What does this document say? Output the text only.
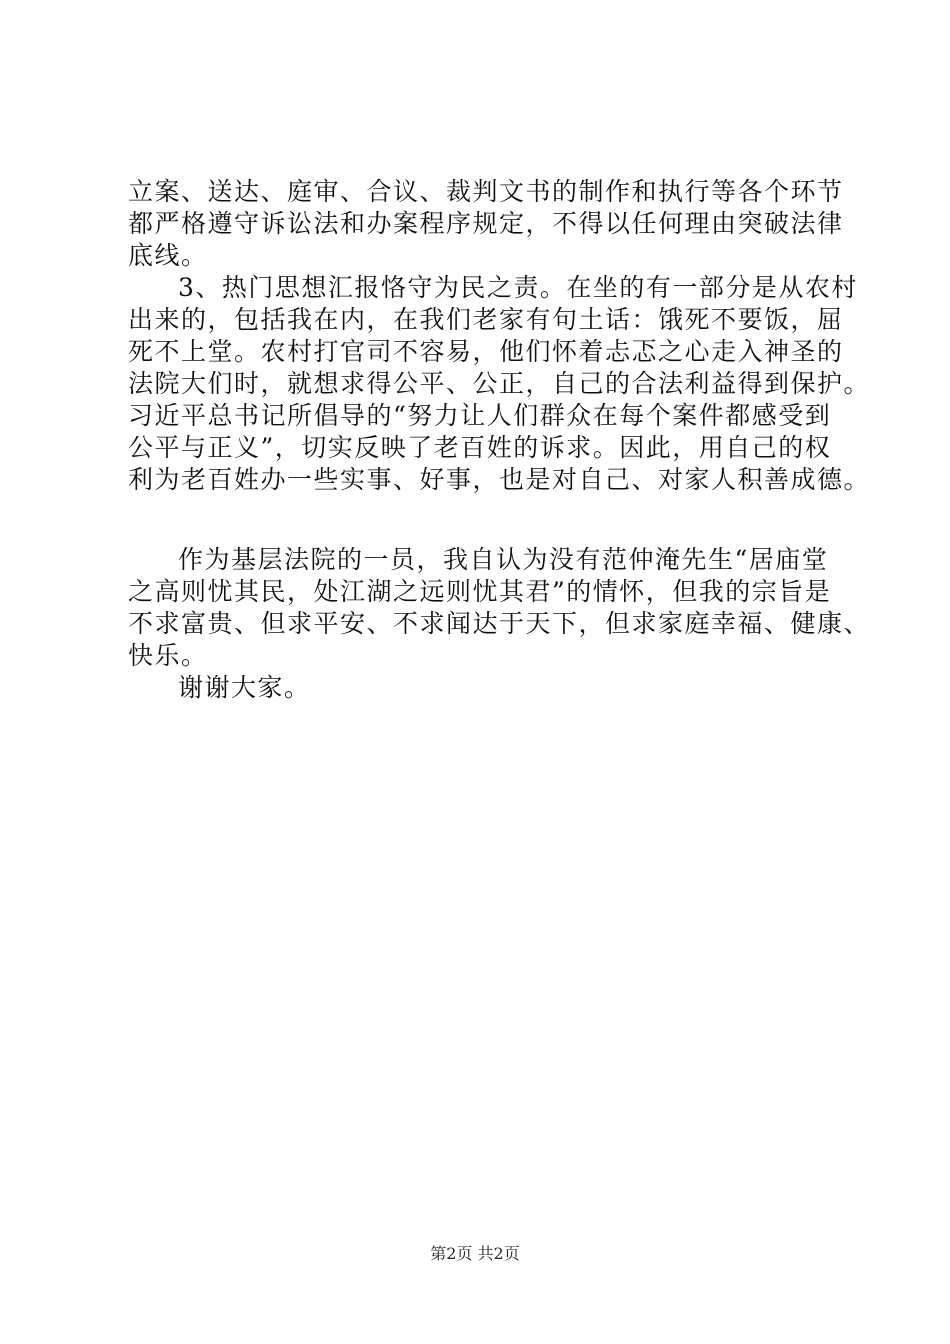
立案、送达、庭审、合议、裁判文书的制作和执行等各个环节
都严格遵守诉讼法和办案程序规定，不得以任何理由突破法律
底线。
3、热门思想汇报恪守为民之责。在坐的有一部分是从农村
出来的，包括我在内，在我们老家有句土话：饿死不要饭，屈
死不上堂。农村打官司不容易，他们怀着忐忑之心走入神圣的
法院大们时，就想求得公平、公正，自己的合法利益得到保护。
习近平总书记所倡导的“努力让人们群众在每个案件都感受到
公平与正义”，切实反映了老百姓的诉求。因此，用自己的权
利为老百姓办一些实事、好事，也是对自己、对家人积善成德。
作为基层法院的一员，我自认为没有范仲淹先生“居庙堂
之高则忧其民，处江湖之远则忧其君”的情怀，但我的宗旨是
不求富贵、但求平安、不求闻达于天下，但求家庭幸福、健康、
快乐。
谢谢大家。
第2页 共2页
